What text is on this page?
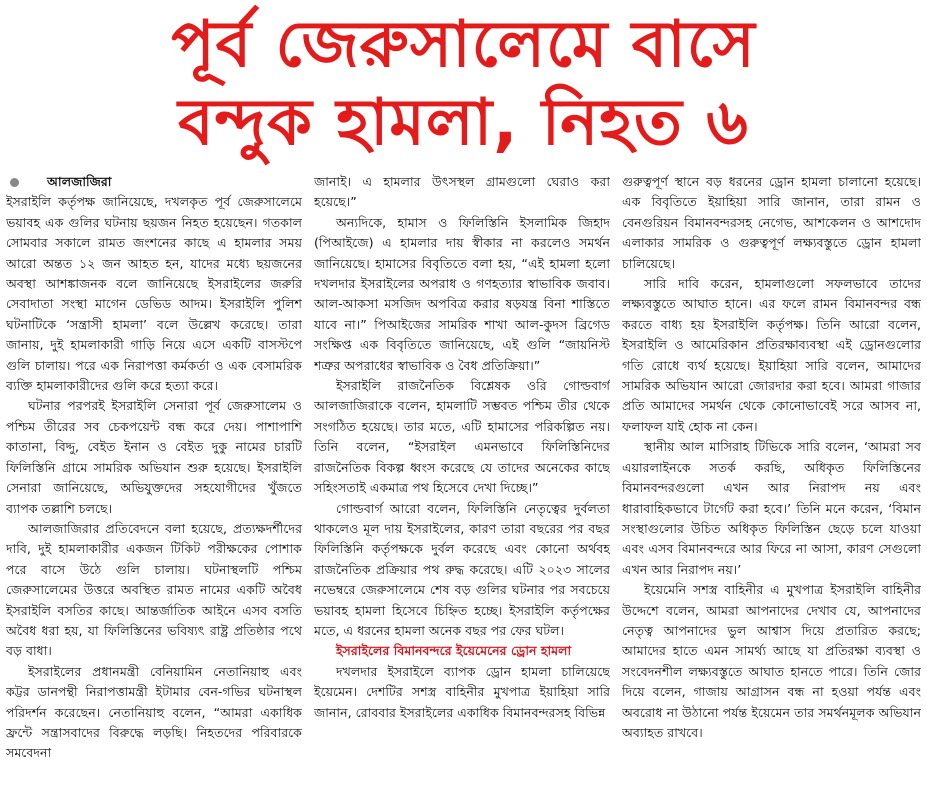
পূর্ব জেরুসালেমে বাসে
বন্দুক হামলা, নিহত ৬

আলজাজিরা

ইসরাইলি কর্তৃপক্ষ জানিয়েছে, দখলকৃত পূর্ব জেরুসালেমে ভয়াবহ এক গুলির ঘটনায় ছয়জন নিহত হয়েছেন। গতকাল সোমবার সকালে রামত জংশনের কাছে এ হামলার সময় আরো অন্তত ১২ জন আহত হন, যাদের মধ্যে ছয়জনের অবস্থা আশঙ্কাজনক বলে জানিয়েছে ইসরাইলের জরুরি সেবাদাতা সংস্থা মাগেন ডেভিড আদম। ইসরাইলি পুলিশ ঘটনাটিকে ‘সন্ত্রাসী হামলা’ বলে উল্লেখ করেছে। তারা জানায়, দুই হামলাকারী গাড়ি নিয়ে এসে একটি বাসস্টপে গুলি চালায়। পরে এক নিরাপত্তা কর্মকর্তা ও এক বেসামরিক ব্যক্তি হামলাকারীদের গুলি করে হত্যা করে।

ঘটনার পরপরই ইসরাইলি সেনারা পূর্ব জেরুসালেম ও পশ্চিম তীরের সব চেকপয়েন্ট বন্ধ করে দেয়। পাশাপাশি কাতানা, বিদ্দু, বেইত ইনান ও বেইত দুকু নামের চারটি ফিলিস্তিনি গ্রামে সামরিক অভিযান শুরু হয়েছে। ইসরাইলি সেনারা জানিয়েছে, অভিযুক্তদের সহযোগীদের খুঁজতে ব্যাপক তল্লাশি চলছে।

আলজাজিরার প্রতিবেদনে বলা হয়েছে, প্রত্যক্ষদর্শীদের দাবি, দুই হামলাকারীর একজন টিকিট পরীক্ষকের পোশাক পরে বাসে উঠে গুলি চালায়। ঘটনাস্থলটি পশ্চিম জেরুসালেমের উত্তরে অবস্থিত রামত নামের একটি অবৈধ ইসরাইলি বসতির কাছে। আন্তর্জাতিক আইনে এসব বসতি অবৈধ ধরা হয়, যা ফিলিস্তিনের ভবিষ্যৎ রাষ্ট্র প্রতিষ্ঠার পথে বড় বাধা।

ইসরাইলের প্রধানমন্ত্রী বেনিয়ামিন নেতানিয়াহু এবং কট্টর ডানপন্থী নিরাপত্তামন্ত্রী ইটামার বেন-গভির ঘটনাস্থল পরিদর্শন করেছেন। নেতানিয়াহু বলেন, “আমরা একাধিক ফ্রন্টে সন্ত্রাসবাদের বিরুদ্ধে লড়ছি। নিহতদের পরিবারকে সমবেদনা

জানাই। এ হামলার উৎসস্থল গ্রামগুলো ঘেরাও করা হয়েছে।”

অন্যদিকে, হামাস ও ফিলিস্তিনি ইসলামিক জিহাদ (পিআইজে) এ হামলার দায় স্বীকার না করলেও সমর্থন জানিয়েছে। হামাসের বিবৃতিতে বলা হয়, “এই হামলা হলো দখলদার ইসরাইলের অপরাধ ও গণহত্যার স্বাভাবিক জবাব। আল-আকসা মসজিদ অপবিত্র করার ষড়যন্ত্র বিনা শাস্তিতে যাবে না।” পিআইজের সামরিক শাখা আল-কুদস ব্রিগেড সংক্ষিপ্ত এক বিবৃতিতে জানিয়েছে, এই গুলি “জায়নিস্ট শত্রুর অপরাধের স্বাভাবিক ও বৈধ প্রতিক্রিয়া।”

ইসরাইলি রাজনৈতিক বিশ্লেষক ওরি গোল্ডবার্গ আলজাজিরাকে বলেন, হামলাটি সম্ভবত পশ্চিম তীর থেকে সংগঠিত হয়েছে। তার মতে, এটি হামাসের পরিকল্পিত নয়। তিনি বলেন, “ইসরাইল এমনভাবে ফিলিস্তিনিদের রাজনৈতিক বিকল্প ধ্বংস করেছে যে তাদের অনেকের কাছে সহিংসতাই একমাত্র পথ হিসেবে দেখা দিচ্ছে।”

গোল্ডবার্গ আরো বলেন, ফিলিস্তিনি নেতৃত্বের দুর্বলতা থাকলেও মূল দায় ইসরাইলের, কারণ তারা বছরের পর বছর ফিলিস্তিনি কর্তৃপক্ষকে দুর্বল করেছে এবং কোনো অর্থবহ রাজনৈতিক প্রক্রিয়ার পথ রুদ্ধ করেছে। এটি ২০২৩ সালের নভেম্বরে জেরুসালেমে শেষ বড় গুলির ঘটনার পর সবচেয়ে ভয়াবহ হামলা হিসেবে চিহ্নিত হচ্ছে। ইসরাইলি কর্তৃপক্ষের মতে, এ ধরনের হামলা অনেক বছর পর ফের ঘটল।

ইসরাইলের বিমানবন্দরে ইয়েমেনের ড্রোন হামলা

দখলদার ইসরাইলে ব্যাপক ড্রোন হামলা চালিয়েছে ইয়েমেন। দেশটির সশস্ত্র বাহিনীর মুখপাত্র ইয়াহিয়া সারি জানান, রোববার ইসরাইলের একাধিক বিমানবন্দরসহ বিভিন্ন

গুরুত্বপূর্ণ স্থানে বড় ধরনের ড্রোন হামলা চালানো হয়েছে। এক বিবৃতিতে ইয়াহিয়া সারি জানান, তারা রামন ও বেনগুরিয়ন বিমানবন্দরসহ নেগেভ, আশকেলন ও আশদোদ এলাকার সামরিক ও গুরুত্বপূর্ণ লক্ষ্যবস্তুতে ড্রোন হামলা চালিয়েছে।

সারি দাবি করেন, হামলাগুলো সফলভাবে তাদের লক্ষ্যবস্তুতে আঘাত হানে। এর ফলে রামন বিমানবন্দর বন্ধ করতে বাধ্য হয় ইসরাইলি কর্তৃপক্ষ। তিনি আরো বলেন, ইসরাইলি ও আমেরিকান প্রতিরক্ষাব্যবস্থা এই ড্রোনগুলোর গতি রোধে ব্যর্থ হয়েছে। ইয়াহিয়া সারি বলেন, আমাদের সামরিক অভিযান আরো জোরদার করা হবে। আমরা গাজার প্রতি আমাদের সমর্থন থেকে কোনোভাবেই সরে আসব না, ফলাফল যাই হোক না কেন।

স্থানীয় আল মাসিরাহ টিভিকে সারি বলেন, ‘আমরা সব এয়ারলাইনকে সতর্ক করছি, অধিকৃত ফিলিস্তিনের বিমানবন্দরগুলো এখন আর নিরাপদ নয় এবং ধারাবাহিকভাবে টার্গেট করা হবে।’ তিনি মনে করেন, ‘বিমান সংস্থাগুলোর উচিত অধিকৃত ফিলিস্তিন ছেড়ে চলে যাওয়া এবং এসব বিমানবন্দরে আর ফিরে না আসা, কারণ সেগুলো এখন আর নিরাপদ নয়।’

ইয়েমেনি সশস্ত্র বাহিনীর এ মুখপাত্র ইসরাইলি বাহিনীর উদ্দেশে বলেন, আমরা আপনাদের দেখাব যে, আপনাদের নেতৃত্ব আপনাদের ভুল আশ্বাস দিয়ে প্রতারিত করছে; আমাদের হাতে এমন সামর্থ্য আছে যা প্রতিরক্ষা ব্যবস্থা ও সংবেদনশীল লক্ষ্যবস্তুতে আঘাত হানতে পারে। তিনি জোর দিয়ে বলেন, গাজায় আগ্রাসন বন্ধ না হওয়া পর্যন্ত এবং অবরোধ না উঠানো পর্যন্ত ইয়েমেন তার সমর্থনমূলক অভিযান অব্যাহত রাখবে।
